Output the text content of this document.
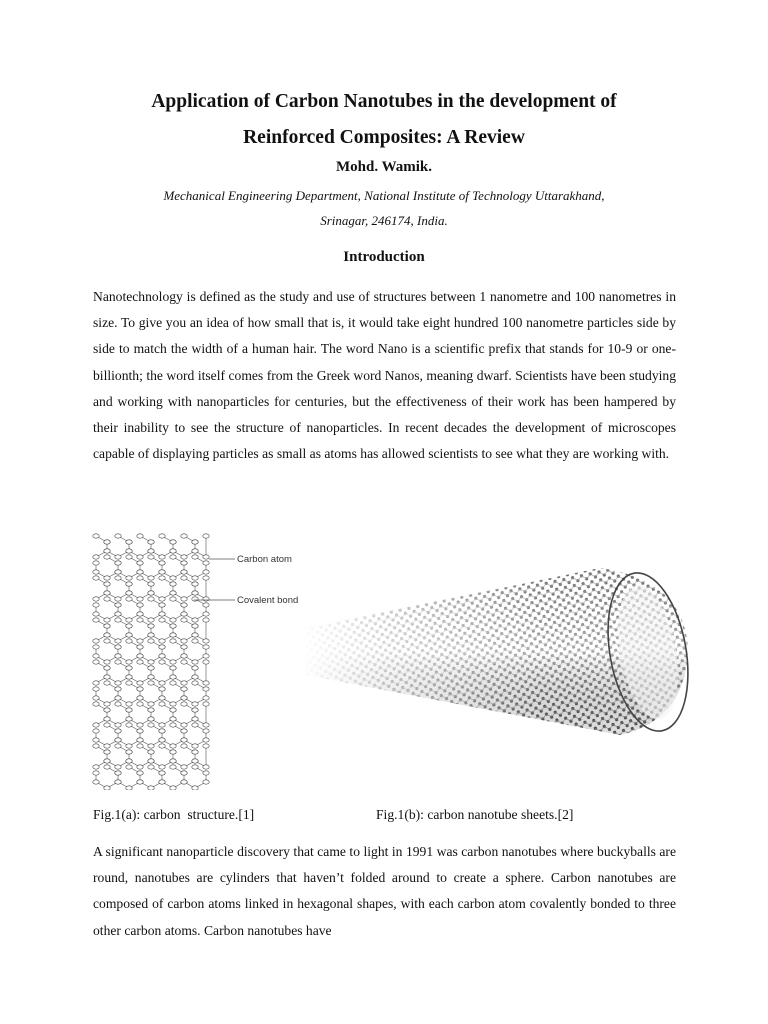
Application of Carbon Nanotubes in the development of
Reinforced Composites: A Review
Mohd. Wamik.
Mechanical Engineering Department, National Institute of Technology Uttarakhand,
Srinagar, 246174, India.
Introduction

Nanotechnology is defined as the study and use of structures between 1 nanometre and 100 nanometres in size. To give you an idea of how small that is, it would take eight hundred 100 nanometre particles side by side to match the width of a human hair. The word Nano is a scientific prefix that stands for 10-9 or one-billionth; the word itself comes from the Greek word Nanos, meaning dwarf. Scientists have been studying and working with nanoparticles for centuries, but the effectiveness of their work has been hampered by their inability to see the structure of nanoparticles. In recent decades the development of microscopes capable of displaying particles as small as atoms has allowed scientists to see what they are working with.

Carbon atom
Covalent bond
Fig.1(a): carbon  structure.[1]	Fig.1(b): carbon nanotube sheets.[2]

A significant nanoparticle discovery that came to light in 1991 was carbon nanotubes where buckyballs are round, nanotubes are cylinders that haven’t folded around to create a sphere. Carbon nanotubes are composed of carbon atoms linked in hexagonal shapes, with each carbon atom covalently bonded to three other carbon atoms. Carbon nanotubes have
